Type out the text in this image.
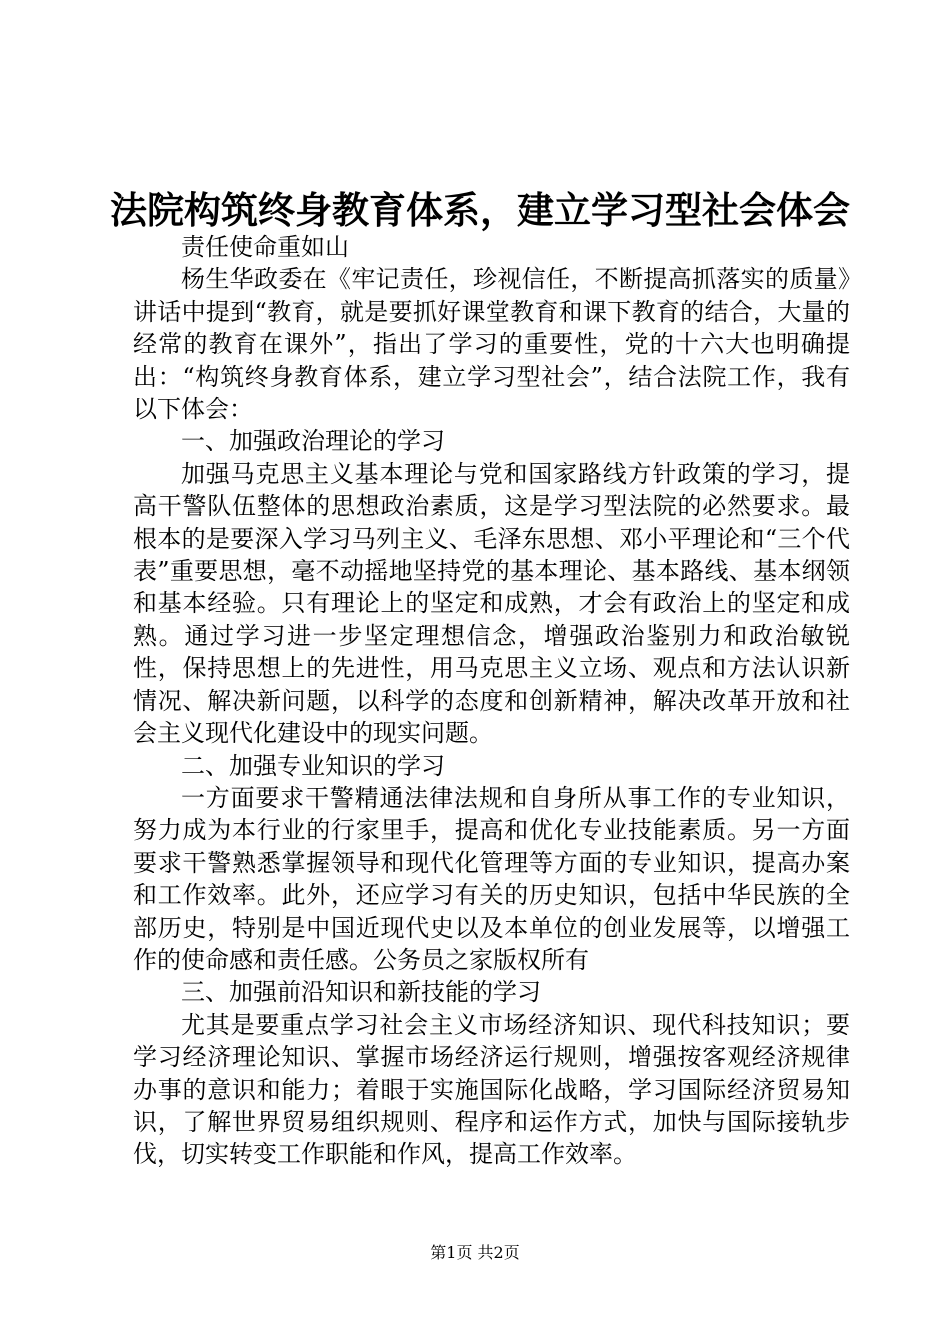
法院构筑终身教育体系，建立学习型社会体会

责任使命重如山

杨生华政委在《牢记责任，珍视信任，不断提高抓落实的质量》讲话中提到“教育，就是要抓好课堂教育和课下教育的结合，大量的经常的教育在课外”，指出了学习的重要性，党的十六大也明确提出：“构筑终身教育体系，建立学习型社会”，结合法院工作，我有以下体会：

一、加强政治理论的学习

加强马克思主义基本理论与党和国家路线方针政策的学习，提高干警队伍整体的思想政治素质，这是学习型法院的必然要求。最根本的是要深入学习马列主义、毛泽东思想、邓小平理论和“三个代表”重要思想，毫不动摇地坚持党的基本理论、基本路线、基本纲领和基本经验。只有理论上的坚定和成熟，才会有政治上的坚定和成熟。通过学习进一步坚定理想信念，增强政治鉴别力和政治敏锐性，保持思想上的先进性，用马克思主义立场、观点和方法认识新情况、解决新问题，以科学的态度和创新精神，解决改革开放和社会主义现代化建设中的现实问题。

二、加强专业知识的学习

一方面要求干警精通法律法规和自身所从事工作的专业知识，努力成为本行业的行家里手，提高和优化专业技能素质。另一方面要求干警熟悉掌握领导和现代化管理等方面的专业知识，提高办案和工作效率。此外，还应学习有关的历史知识，包括中华民族的全部历史，特别是中国近现代史以及本单位的创业发展等，以增强工作的使命感和责任感。公务员之家版权所有

三、加强前沿知识和新技能的学习

尤其是要重点学习社会主义市场经济知识、现代科技知识；要学习经济理论知识、掌握市场经济运行规则，增强按客观经济规律办事的意识和能力；着眼于实施国际化战略，学习国际经济贸易知识，了解世界贸易组织规则、程序和运作方式，加快与国际接轨步伐，切实转变工作职能和作风，提高工作效率。

第1页 共2页
